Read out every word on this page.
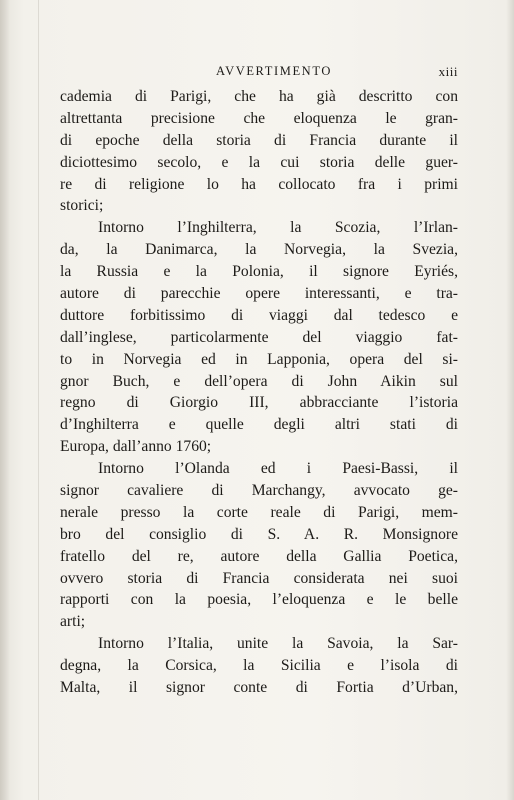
AVVERTIMENTO	xiii
cademia di Parigi, che ha già descritto con
altrettanta precisione che eloquenza le gran-
di epoche della storia di Francia durante il
diciottesimo secolo, e la cui storia delle guer-
re di religione lo ha collocato fra i primi
storici;
Intorno l’Inghilterra, la Scozia, l’Irlan-
da, la Danimarca, la Norvegia, la Svezia,
la Russia e la Polonia, il signore Eyriés,
autore di parecchie opere interessanti, e tra-
duttore forbitissimo di viaggi dal tedesco e
dall’inglese, particolarmente del viaggio fat-
to in Norvegia ed in Lapponia, opera del si-
gnor Buch, e dell’opera di John Aikin sul
regno di Giorgio III, abbracciante l’istoria
d’Inghilterra e quelle degli altri stati di
Europa, dall’anno 1760;
Intorno l’Olanda ed i Paesi-Bassi, il
signor cavaliere di Marchangy, avvocato ge-
nerale presso la corte reale di Parigi, mem-
bro del consiglio di S. A. R. Monsignore
fratello del re, autore della Gallia Poetica,
ovvero storia di Francia considerata nei suoi
rapporti con la poesia, l’eloquenza e le belle
arti;
Intorno l’Italia, unite la Savoia, la Sar-
degna, la Corsica, la Sicilia e l’isola di
Malta, il signor conte di Fortia d’Urban,
